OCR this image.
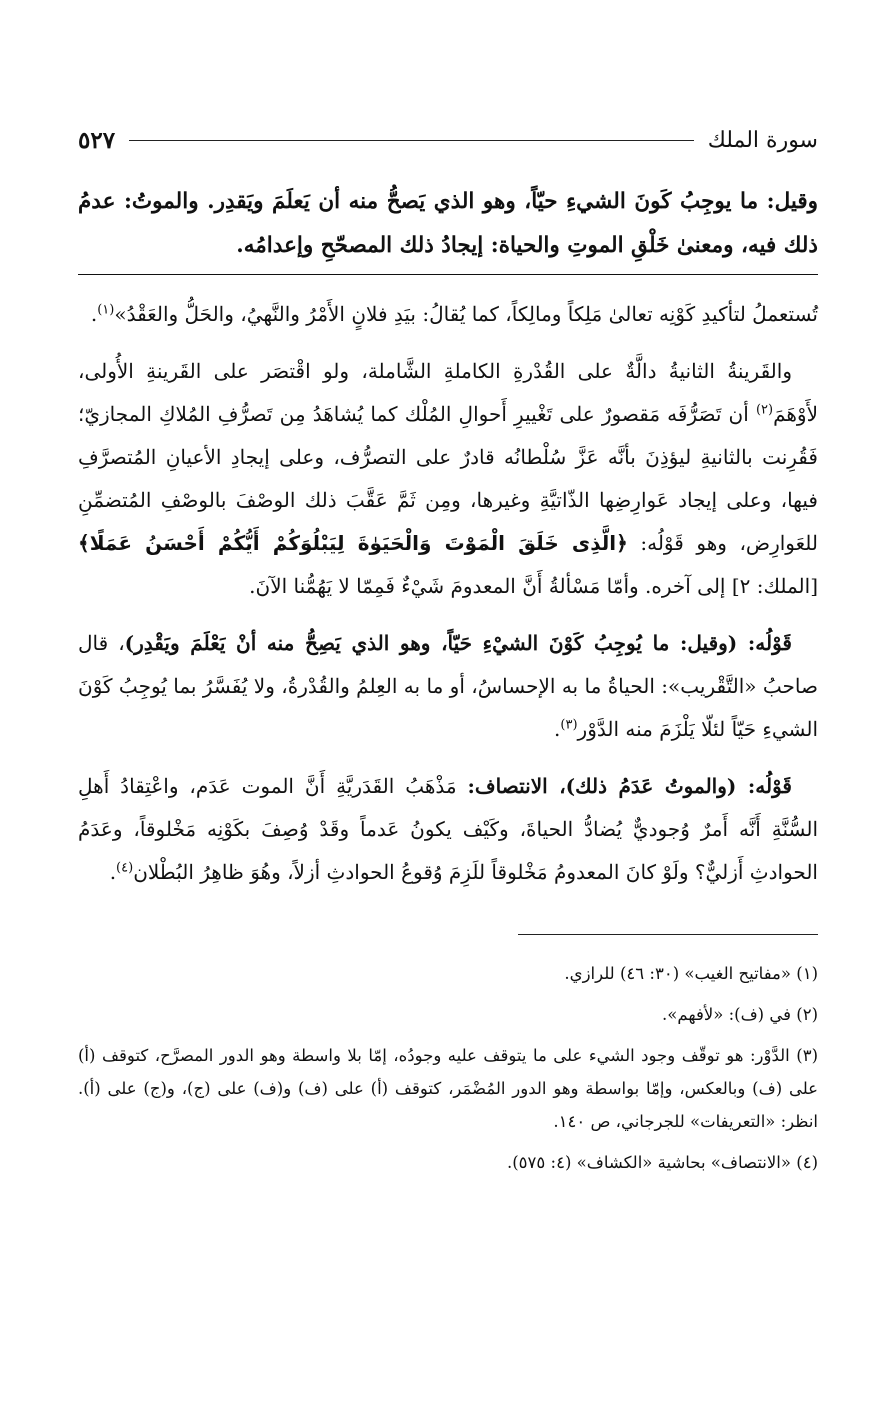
سورة الملك
٥٢٧
وقيل: ما يوجِبُ كَونَ الشيءِ حيّاً، وهو الذي يَصحُّ منه أن يَعلَمَ ويَقدِر. والموتُ: عدمُ ذلك فيه، ومعنىٰ خَلْقِ الموتِ والحياة: إيجادُ ذلك المصحّحِ وإعدامُه.

تُستعملُ لتأكيدِ كَوْنِه تعالىٰ مَلِكاً ومالِكاً، كما يُقالُ: بيَدِ فلانٍ الأَمْرُ والنَّهيُ، والحَلُّ والعَقْدُ»$^{(١)}$.

والقَرينةُ الثانيةُ دالَّةٌ على القُدْرةِ الكاملةِ الشَّاملة، ولو اقْتصَر على القَرينةِ الأُولى، لأَوْهَمَ$^{(٢)}$ أن تَصَرُّفَه مَقصورٌ على تَغْييرِ أَحوالِ المُلْك كما يُشاهَدُ مِن تَصرُّفِ المُلاكِ المجازيّ؛ فَقُرِنت بالثانيةِ ليؤذِنَ بأنَّه عَزَّ سُلْطانُه قادرٌ على التصرُّف، وعلى إيجادِ الأعيانِ المُتصرَّفِ فيها، وعلى إيجاد عَوارِضِها الذّاتيَّةِ وغيرها، ومِن ثَمَّ عَقَّبَ ذلك الوصْفَ بالوصْفِ المُتضمِّنِ للعَوارِض، وهو قَوْلُه: ﴿الَّذِى خَلَقَ الْمَوْتَ وَالْحَيَوٰةَ لِيَبْلُوَكُمْ أَيُّكُمْ أَحْسَنُ عَمَلًا﴾ [الملك: ٢] إلى آخره. وأمّا مَسْألةُ أَنَّ المعدومَ شَيْءٌ فَمِمّا لا يَهُمُّنا الآنَ.

قَوْلُه: (وقيل: ما يُوجِبُ كَوْنَ الشيْءِ حَيّاً، وهو الذي يَصِحُّ منه أنْ يَعْلَمَ ويَقْدِر)، قال صاحبُ «التَّقْريب»: الحياةُ ما به الإحساسُ، أو ما به العِلمُ والقُدْرةُ، ولا يُفَسَّرُ بما يُوجِبُ كَوْنَ الشيءِ حَيّاً لئلّا يَلْزَمَ منه الدَّوْر$^{(٣)}$.

قَوْلُه: (والموتُ عَدَمُ ذلك)، الانتصاف: مَذْهَبُ القَدَريَّةِ أَنَّ الموت عَدَم، واعْتِقادُ أَهلِ السُّنَّةِ أَنَّه أَمرٌ وُجوديٌّ يُضادُّ الحياةَ، وكَيْف يكونُ عَدماً وقَدْ وُصِفَ بكَوْنِه مَخْلوقاً، وعَدَمُ الحوادثِ أَزليٌّ؟ ولَوْ كانَ المعدومُ مَخْلوقاً للَزِمَ وُقوعُ الحوادثِ أزلاً، وهُوَ ظاهِرُ البُطْلان$^{(٤)}$.

(١) «مفاتيح الغيب» (٣٠: ٤٦) للرازي.

(٢) في (ف): «لأفهم».

(٣) الدَّوْر: هو توقّف وجود الشيء على ما يتوقف عليه وجودُه، إمّا بلا واسطة وهو الدور المصرَّح، كتوقف (أ) على (ف) وبالعكس، وإمّا بواسطة وهو الدور المُضْمَر، كتوقف (أ) على (ف) و(ف) على (ج)، و(ج) على (أ). انظر: «التعريفات» للجرجاني، ص ١٤٠.

(٤) «الانتصاف» بحاشية «الكشاف» (٤: ٥٧٥).
